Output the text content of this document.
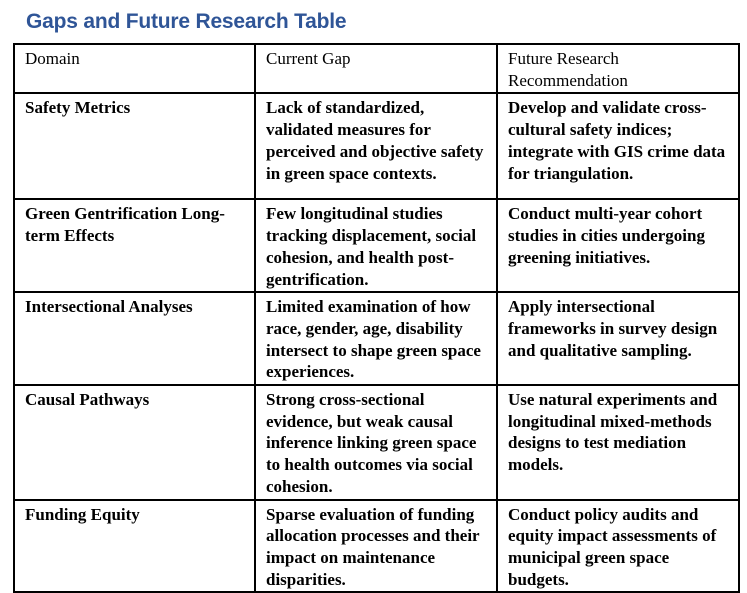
Gaps and Future Research Table
Domain	Current Gap	Future Research Recommendation
Safety Metrics	Lack of standardized, validated measures for perceived and objective safety in green space contexts.	Develop and validate cross-cultural safety indices; integrate with GIS crime data for triangulation.
Green Gentrification Long-term Effects	Few longitudinal studies tracking displacement, social cohesion, and health post-gentrification.	Conduct multi-year cohort studies in cities undergoing greening initiatives.
Intersectional Analyses	Limited examination of how race, gender, age, disability intersect to shape green space experiences.	Apply intersectional frameworks in survey design and qualitative sampling.
Causal Pathways	Strong cross-sectional evidence, but weak causal inference linking green space to health outcomes via social cohesion.	Use natural experiments and longitudinal mixed-methods designs to test mediation models.
Funding Equity	Sparse evaluation of funding allocation processes and their impact on maintenance disparities.	Conduct policy audits and equity impact assessments of municipal green space budgets.
